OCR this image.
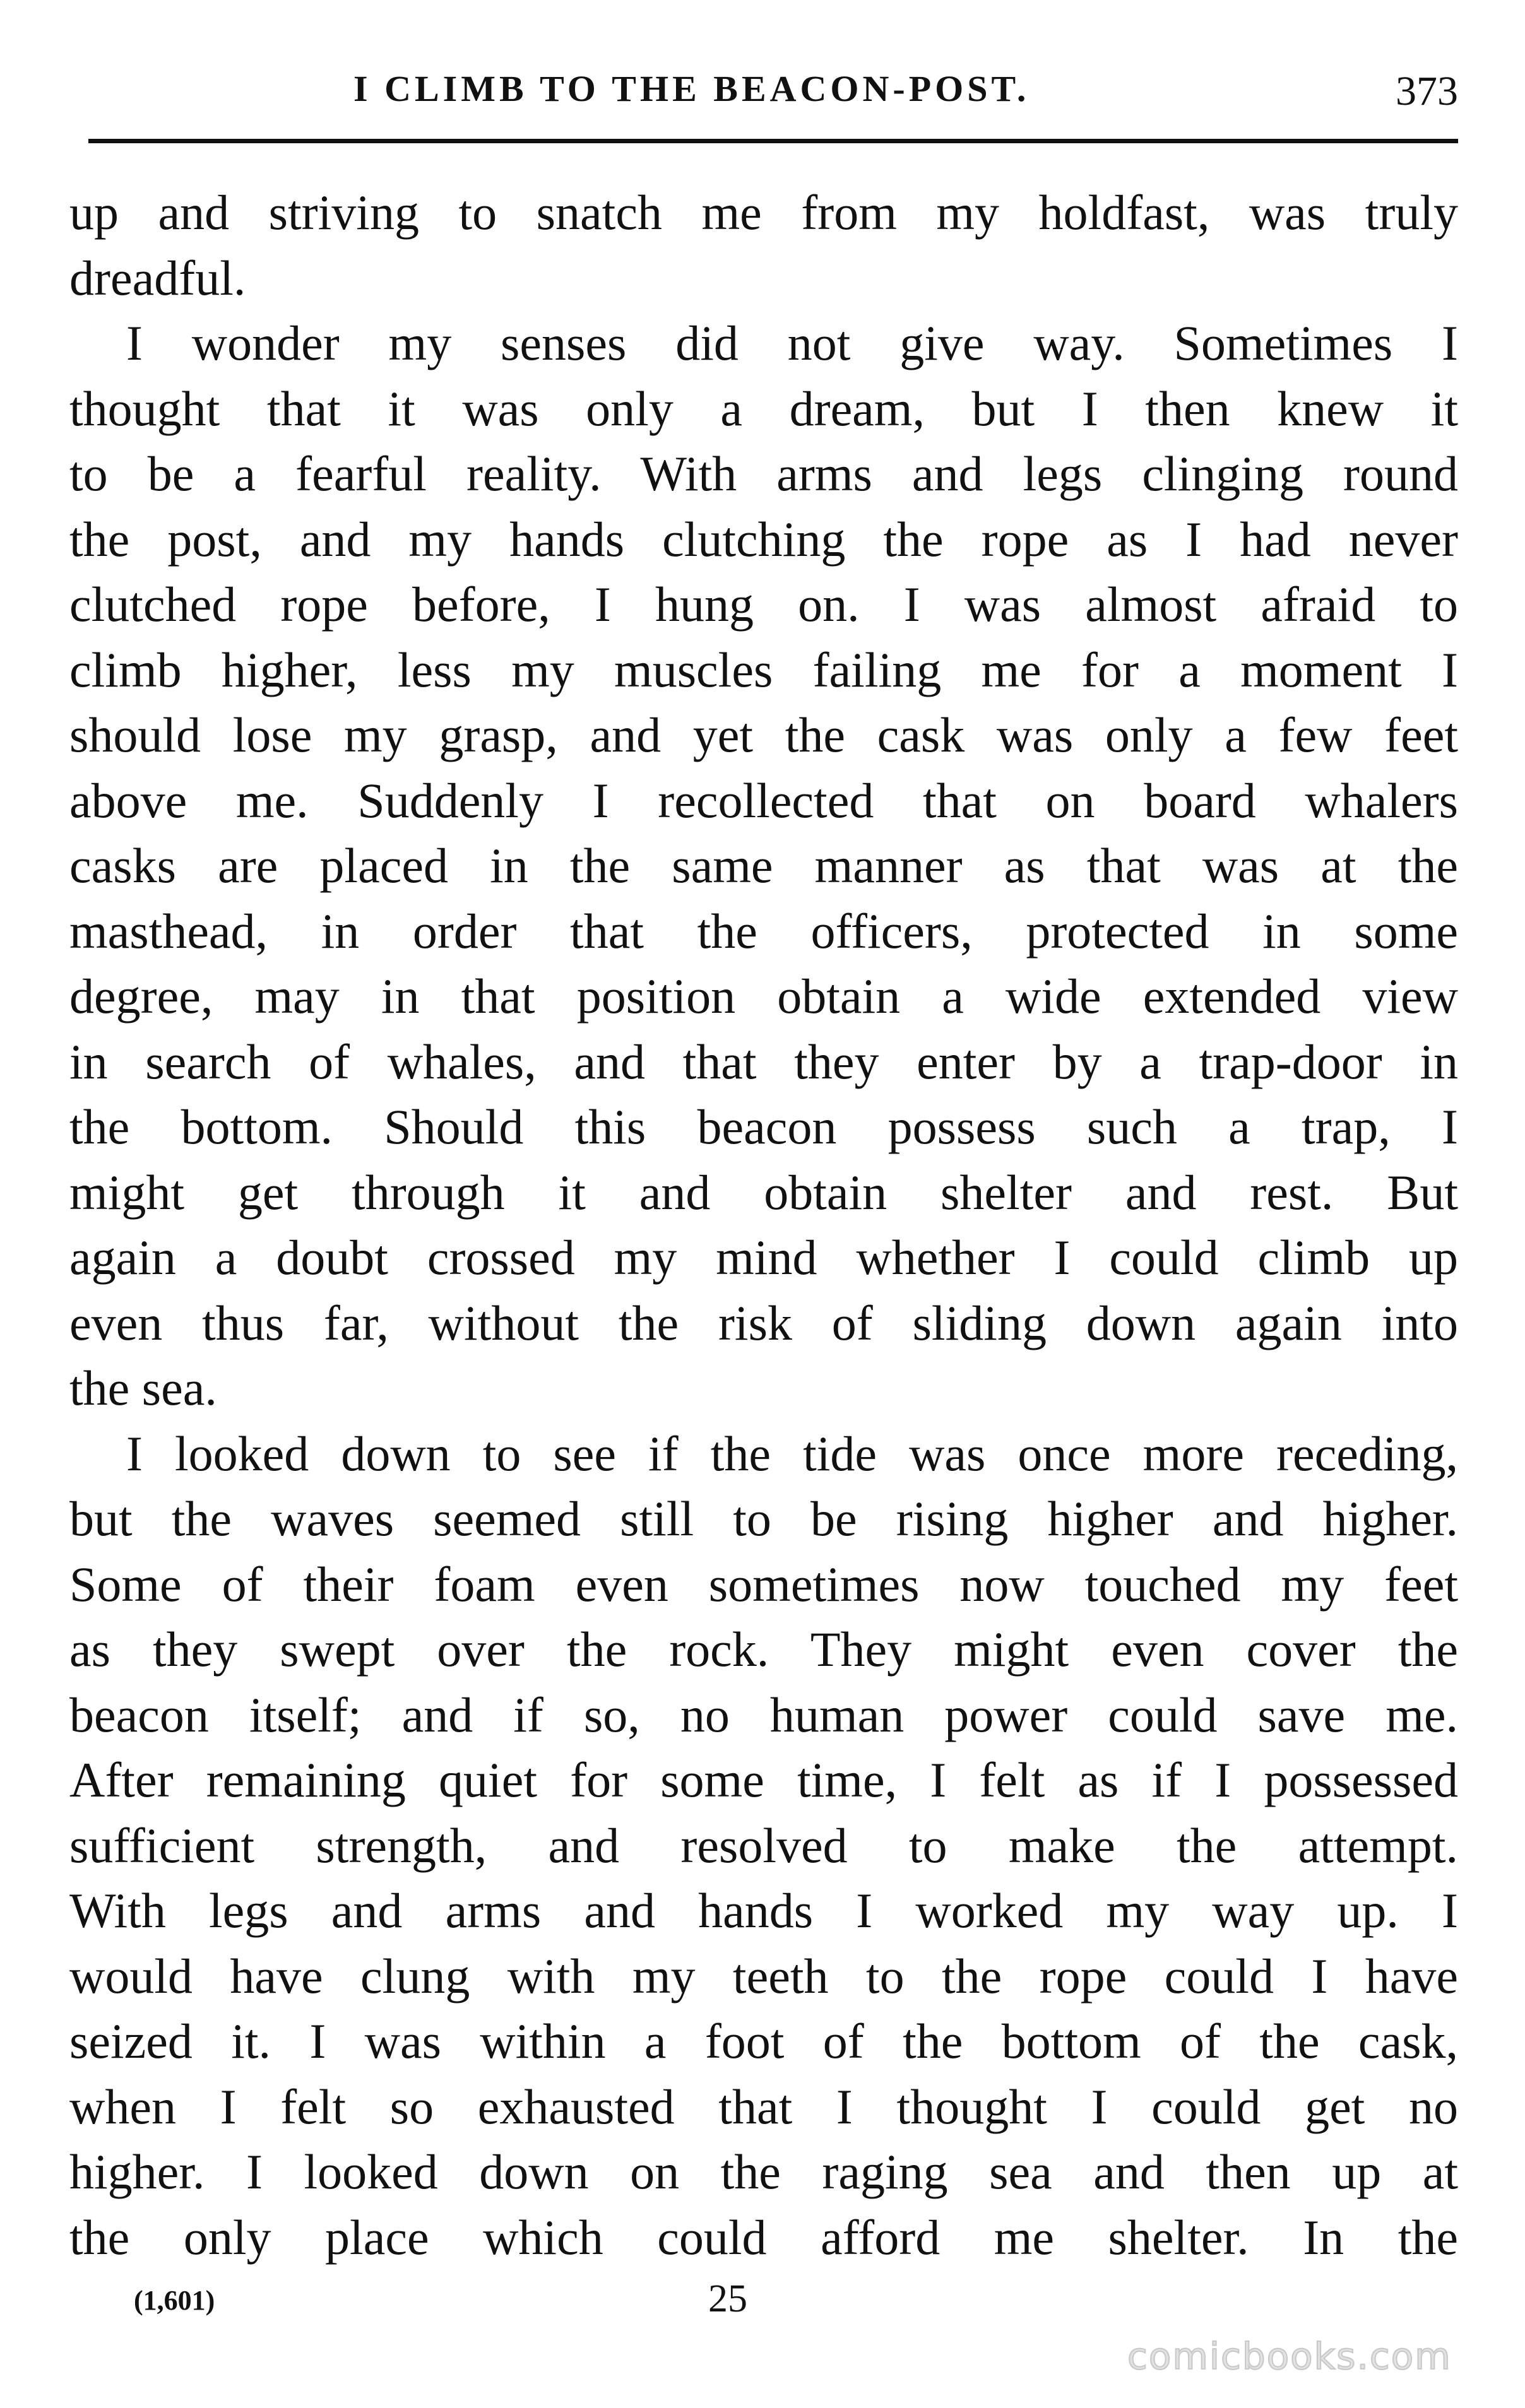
I CLIMB TO THE BEACON-POST.	373

up and striving to snatch me from my holdfast, was truly
dreadful.

I wonder my senses did not give way. Sometimes I
thought that it was only a dream, but I then knew it
to be a fearful reality. With arms and legs clinging round
the post, and my hands clutching the rope as I had never
clutched rope before, I hung on. I was almost afraid to
climb higher, less my muscles failing me for a moment I
should lose my grasp, and yet the cask was only a few feet
above me. Suddenly I recollected that on board whalers
casks are placed in the same manner as that was at the
masthead, in order that the officers, protected in some
degree, may in that position obtain a wide extended view
in search of whales, and that they enter by a trap-door in
the bottom. Should this beacon possess such a trap, I
might get through it and obtain shelter and rest. But
again a doubt crossed my mind whether I could climb up
even thus far, without the risk of sliding down again into
the sea.

I looked down to see if the tide was once more receding,
but the waves seemed still to be rising higher and higher.
Some of their foam even sometimes now touched my feet
as they swept over the rock. They might even cover the
beacon itself; and if so, no human power could save me.
After remaining quiet for some time, I felt as if I possessed
sufficient strength, and resolved to make the attempt.
With legs and arms and hands I worked my way up. I
would have clung with my teeth to the rope could I have
seized it. I was within a foot of the bottom of the cask,
when I felt so exhausted that I thought I could get no
higher. I looked down on the raging sea and then up at
the only place which could afford me shelter. In the

(1,601)	25
comicbooks.com
